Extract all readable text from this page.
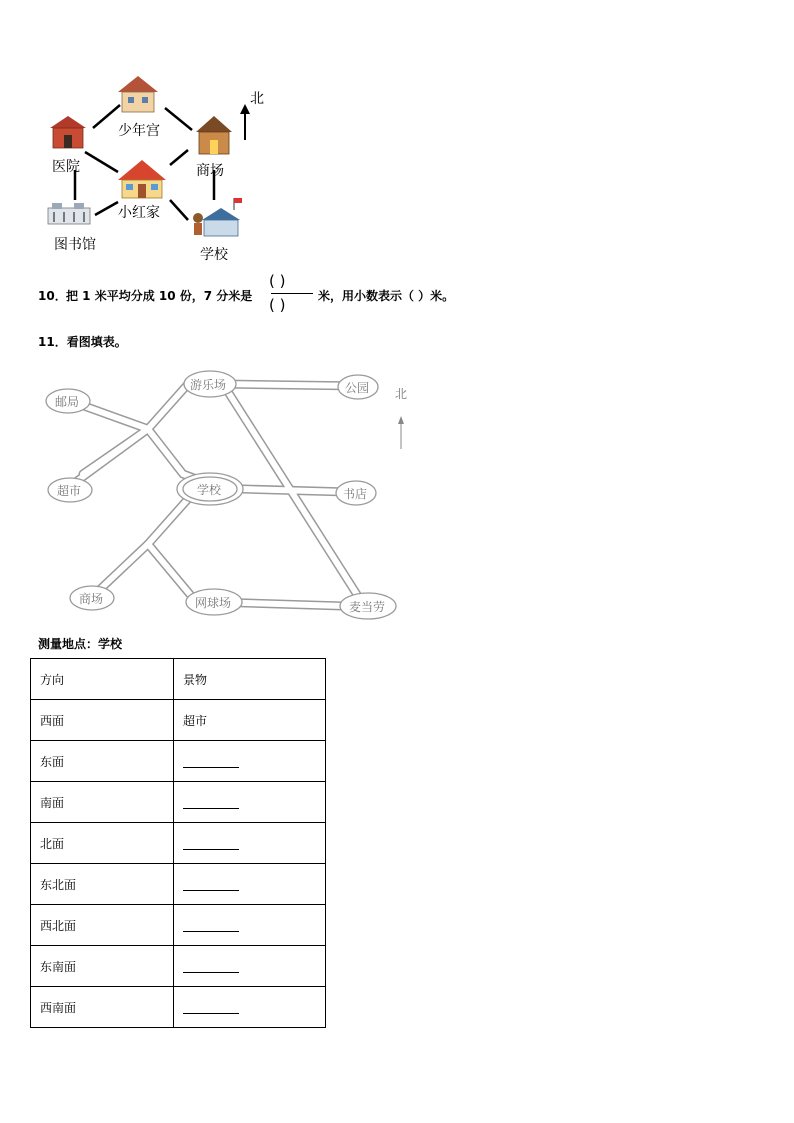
北
少年宫
医院	商场
小红家
图书馆
学校
10． 把 1 米平均分成 10 份，7 分米是
( )
( )	米，用小数表示（ ）米。
11．看图填表。
邮局
游乐场	公园
超市	学校	书店
商场	网球场	麦当劳
北
测量地点：学校
方向	景物
西面	超市
东面	
南面	
北面	
东北面	
西北面	
东南面	
西南面	
